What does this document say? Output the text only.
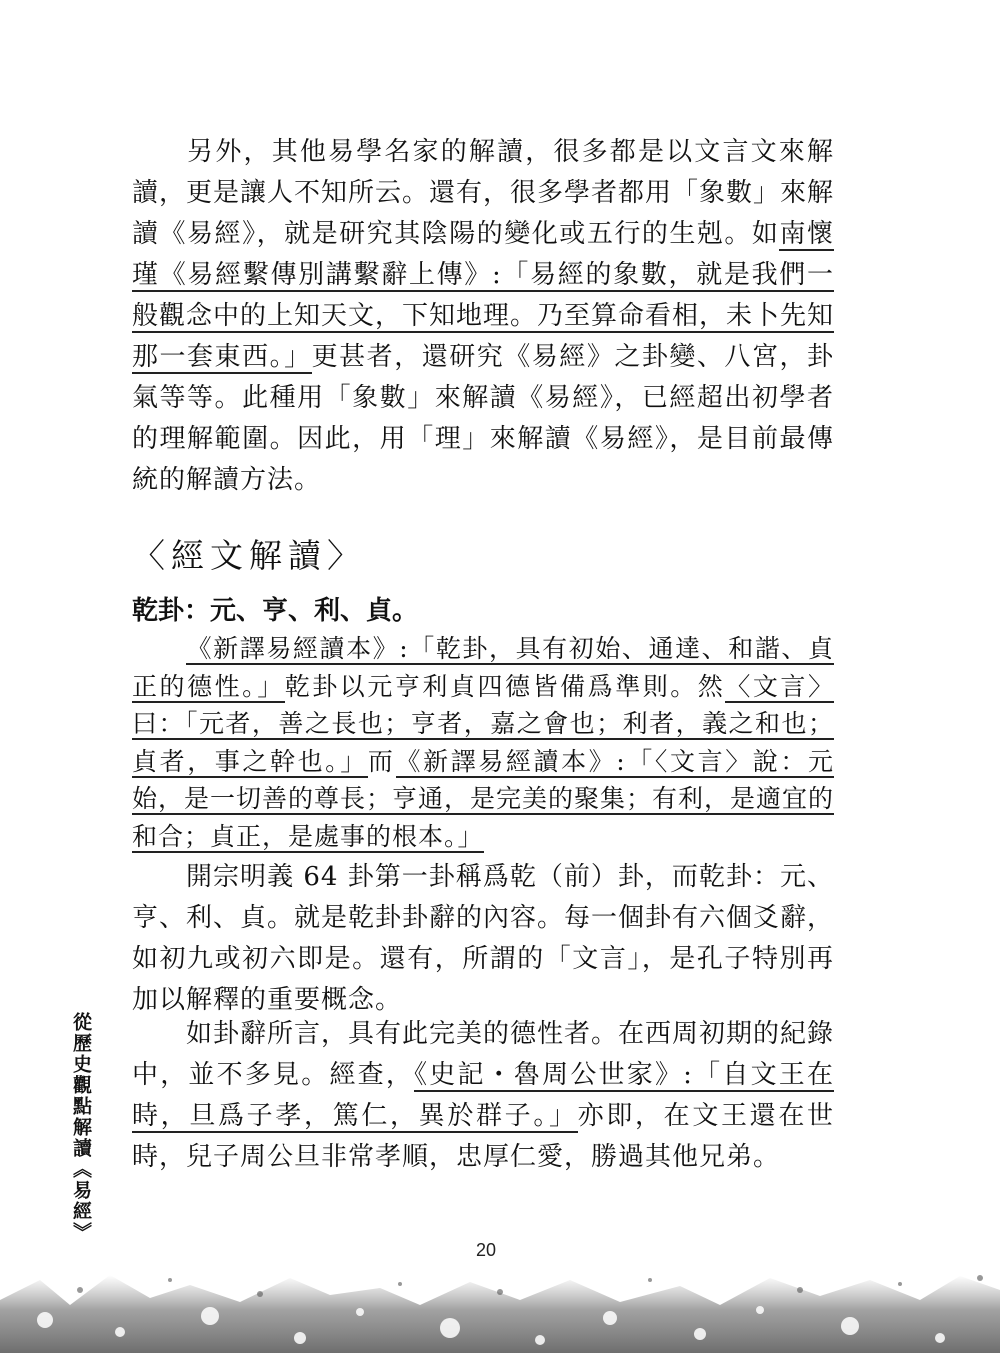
另外，其他易學名家的解讀，很多都是以文言文來解讀，更是讓人不知所云。還有，很多學者都用「象數」來解讀《易經》，就是研究其陰陽的變化或五行的生剋。如南懷瑾《易經繫傳別講繫辭上傳》:「易經的象數，就是我們一般觀念中的上知天文，下知地理。乃至算命看相，未卜先知那一套東西。」更甚者，還研究《易經》之卦變、八宮，卦氣等等。此種用「象數」來解讀《易經》，已經超出初學者的理解範圍。因此，用「理」來解讀《易經》，是目前最傳統的解讀方法。

〈經文解讀〉

乾卦：元、亨、利、貞。

《新譯易經讀本》:「乾卦，具有初始、通達、和諧、貞正的德性。」乾卦以元亨利貞四德皆備爲準則。然〈文言〉曰：「元者，善之長也；亨者，嘉之會也；利者，義之和也；貞者，事之幹也。」而《新譯易經讀本》:「〈文言〉說：元始，是一切善的尊長；亨通，是完美的聚集；有利，是適宜的和合；貞正，是處事的根本。」

開宗明義 64 卦第一卦稱爲乾（前）卦，而乾卦：元、亨、利、貞。就是乾卦卦辭的內容。每一個卦有六個爻辭，如初九或初六即是。還有，所謂的「文言」，是孔子特別再加以解釋的重要概念。

如卦辭所言，具有此完美的德性者。在西周初期的紀錄中，並不多見。經查，《史記・魯周公世家》:「自文王在時，旦爲子孝，篤仁，異於群子。」亦即，在文王還在世時，兒子周公旦非常孝順，忠厚仁愛，勝過其他兄弟。

從歷史觀點解讀《易經》
20
